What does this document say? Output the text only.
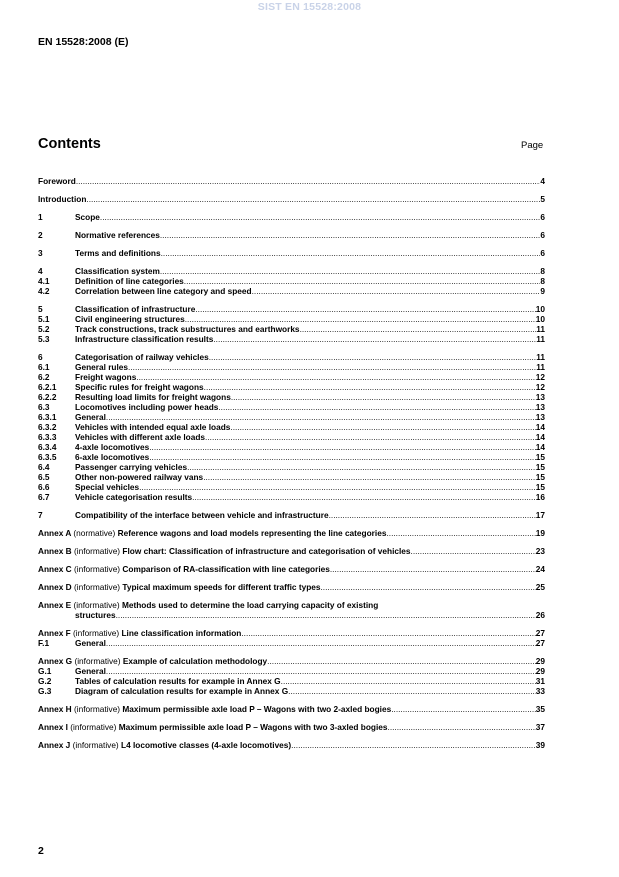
SIST EN 15528:2008
EN 15528:2008 (E)
Contents	Page
Foreword .....	4
Introduction .....	5
1	Scope .....	6
2	Normative references .....	6
3	Terms and definitions .....	6
4	Classification system .....	8
4.1	Definition of line categories .....	8
4.2	Correlation between line category and speed .....	9
5	Classification of infrastructure .....	10
5.1	Civil engineering structures .....	10
5.2	Track constructions, track substructures and earthworks .....	11
5.3	Infrastructure classification results .....	11
6	Categorisation of railway vehicles .....	11
6.1	General rules .....	11
6.2	Freight wagons .....	12
6.2.1	Specific rules for freight wagons .....	12
6.2.2	Resulting load limits for freight wagons .....	13
6.3	Locomotives including power heads .....	13
6.3.1	General .....	13
6.3.2	Vehicles with intended equal axle loads .....	14
6.3.3	Vehicles with different axle loads .....	14
6.3.4	4-axle locomotives .....	14
6.3.5	6-axle locomotives .....	15
6.4	Passenger carrying vehicles .....	15
6.5	Other non-powered railway vans .....	15
6.6	Special vehicles .....	15
6.7	Vehicle categorisation results .....	16
7	Compatibility of the interface between vehicle and infrastructure .....	17
Annex A (normative) Reference wagons and load models representing the line categories .....	19
Annex B (informative) Flow chart: Classification of infrastructure and categorisation of vehicles .....	23
Annex C (informative) Comparison of RA-classification with line categories .....	24
Annex D (informative) Typical maximum speeds for different traffic types .....	25
Annex E (informative) Methods used to determine the load carrying capacity of existing
structures .....	26
Annex F (informative) Line classification information .....	27
F.1	General .....	27
Annex G (informative) Example of calculation methodology .....	29
G.1	General .....	29
G.2	Tables of calculation results for example in Annex G .....	31
G.3	Diagram of calculation results for example in Annex G .....	33
Annex H (informative) Maximum permissible axle load P – Wagons with two 2-axled bogies .....	35
Annex I (informative) Maximum permissible axle load P – Wagons with two 3-axled bogies .....	37
Annex J (informative) L4 locomotive classes (4-axle locomotives) .....	39
2
